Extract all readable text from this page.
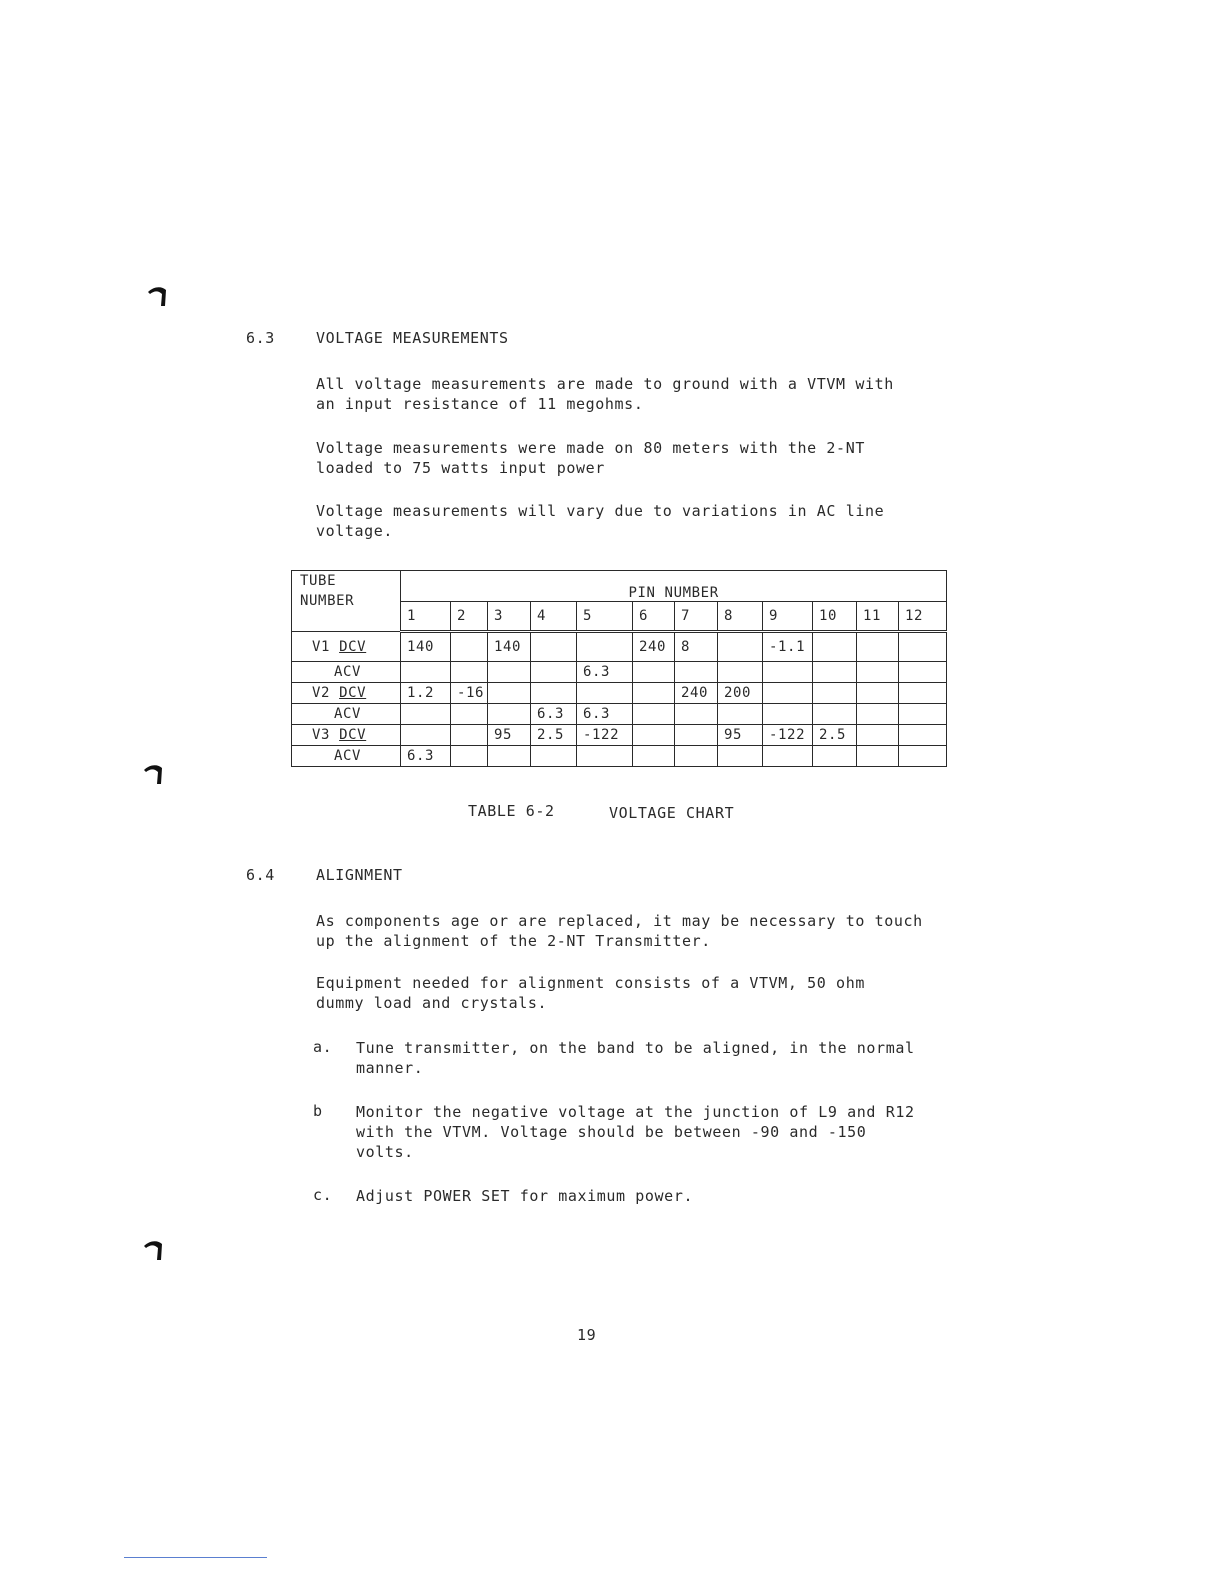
6.3	VOLTAGE MEASUREMENTS
All voltage measurements are made to ground with a VTVM with
an input resistance of 11 megohms.
Voltage measurements were made on 80 meters with the 2-NT
loaded to 75 watts input power
Voltage measurements will vary due to variations in AC line
voltage.
TUBE
NUMBER	PIN NUMBER											
	1	2	3	4	5	6	7	8	9	10	11	12
V1 DCV	140		140			240	8		-1.1			
ACV					6.3							
V2 DCV	1.2	-16					240	200				
ACV				6.3	6.3							
V3 DCV			95	2.5	-122			95	-122	2.5		
ACV	6.3											
TABLE 6-2	VOLTAGE CHART
6.4	ALIGNMENT
As components age or are replaced, it may be necessary to touch
up the alignment of the 2-NT Transmitter.
Equipment needed for alignment consists of a VTVM, 50 ohm
dummy load and crystals.
a. Tune transmitter, on the band to be aligned, in the normal
manner.
b Monitor the negative voltage at the junction of L9 and R12
with the VTVM. Voltage should be between -90 and -150
volts.
c. Adjust POWER SET for maximum power.
19
